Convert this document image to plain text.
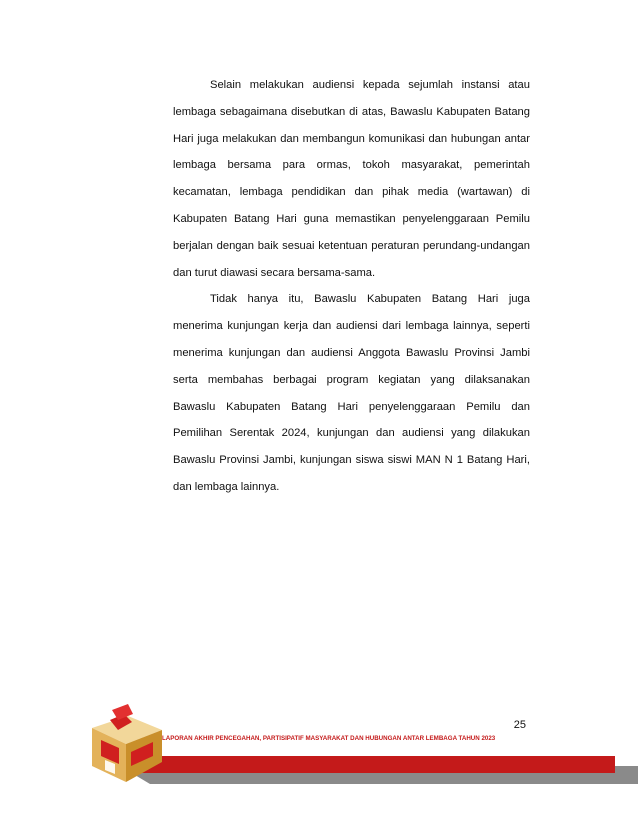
Selain melakukan audiensi kepada sejumlah instansi atau lembaga sebagaimana disebutkan di atas, Bawaslu Kabupaten Batang Hari juga melakukan dan membangun komunikasi dan hubungan antar lembaga bersama para ormas, tokoh masyarakat, pemerintah kecamatan, lembaga pendidikan dan pihak media (wartawan) di Kabupaten Batang Hari guna memastikan penyelenggaraan Pemilu berjalan dengan baik sesuai ketentuan peraturan perundang-undangan dan turut diawasi secara bersama-sama.

Tidak hanya itu, Bawaslu Kabupaten Batang Hari juga menerima kunjungan kerja dan audiensi dari lembaga lainnya, seperti menerima kunjungan dan audiensi Anggota Bawaslu Provinsi Jambi serta membahas berbagai program kegiatan yang dilaksanakan Bawaslu Kabupaten Batang Hari penyelenggaraan Pemilu dan Pemilihan Serentak 2024, kunjungan dan audiensi yang dilakukan Bawaslu Provinsi Jambi, kunjungan siswa siswi MAN N 1 Batang Hari, dan lembaga lainnya.

25
LAPORAN AKHIR PENCEGAHAN, PARTISIPATIF MASYARAKAT DAN HUBUNGAN ANTAR LEMBAGA TAHUN 2023
